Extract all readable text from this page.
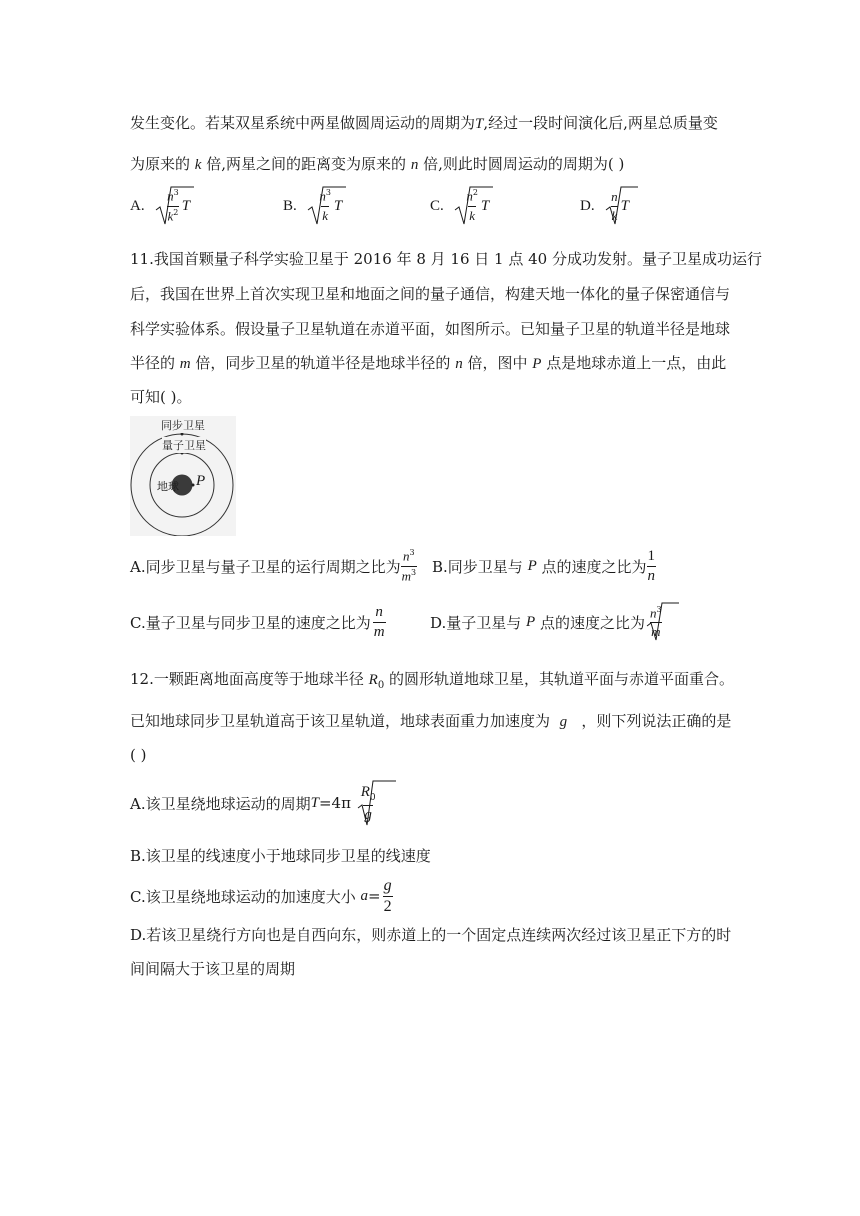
发生变化。若某双星系统中两星做圆周运动的周期为T,经过一段时间演化后,两星总质量变
为原来的 k 倍,两星之间的距离变为原来的 n 倍,则此时圆周运动的周期为( )
A.
$\frac{n^3}{k^2}$ T	B.
$\frac{n^3}{k}$ T	C.
$\frac{n^2}{k}$ T	D.
$\frac{n}{k}$ T
11.我国首颗量子科学实验卫星于 2016 年 8 月 16 日 1 点 40 分成功发射。量子卫星成功运行
后，我国在世界上首次实现卫星和地面之间的量子通信，构建天地一体化的量子保密通信与
科学实验体系。假设量子卫星轨道在赤道平面，如图所示。已知量子卫星的轨道半径是地球
半径的 m 倍，同步卫星的轨道半径是地球半径的 n 倍，图中 P 点是地球赤道上一点，由此
可知( )。
同步卫星
量子卫星
地球 P
A.同步卫星与量子卫星的运行周期之比为 $\frac{n^3}{m^3} B$.同步卫星与
P
点的速度之比为 $\frac{1}{n}$
C.量子卫星与同步卫星的速度之比为 $\frac{n}{m}$	D.量子卫星与
P
点的速度之比为 $\frac{n^3}{m}$
12.一颗距离地面高度等于地球半径 $R_0$ 的圆形轨道地球卫星，其轨道平面与赤道平面重合。
已知地球同步卫星轨道高于该卫星轨道，地球表面重力加速度为 g ，则下列说法正确的是
( )
A.该卫星绕地球运动的周期 T =4π
$\frac{R_0}{g}$
B.该卫星的线速度小于地球同步卫星的线速度
C.该卫星绕地球运动的加速度大小
$a = \frac{g}{2}$
D.若该卫星绕行方向也是自西向东，则赤道上的一个固定点连续两次经过该卫星正下方的时
间间隔大于该卫星的周期
